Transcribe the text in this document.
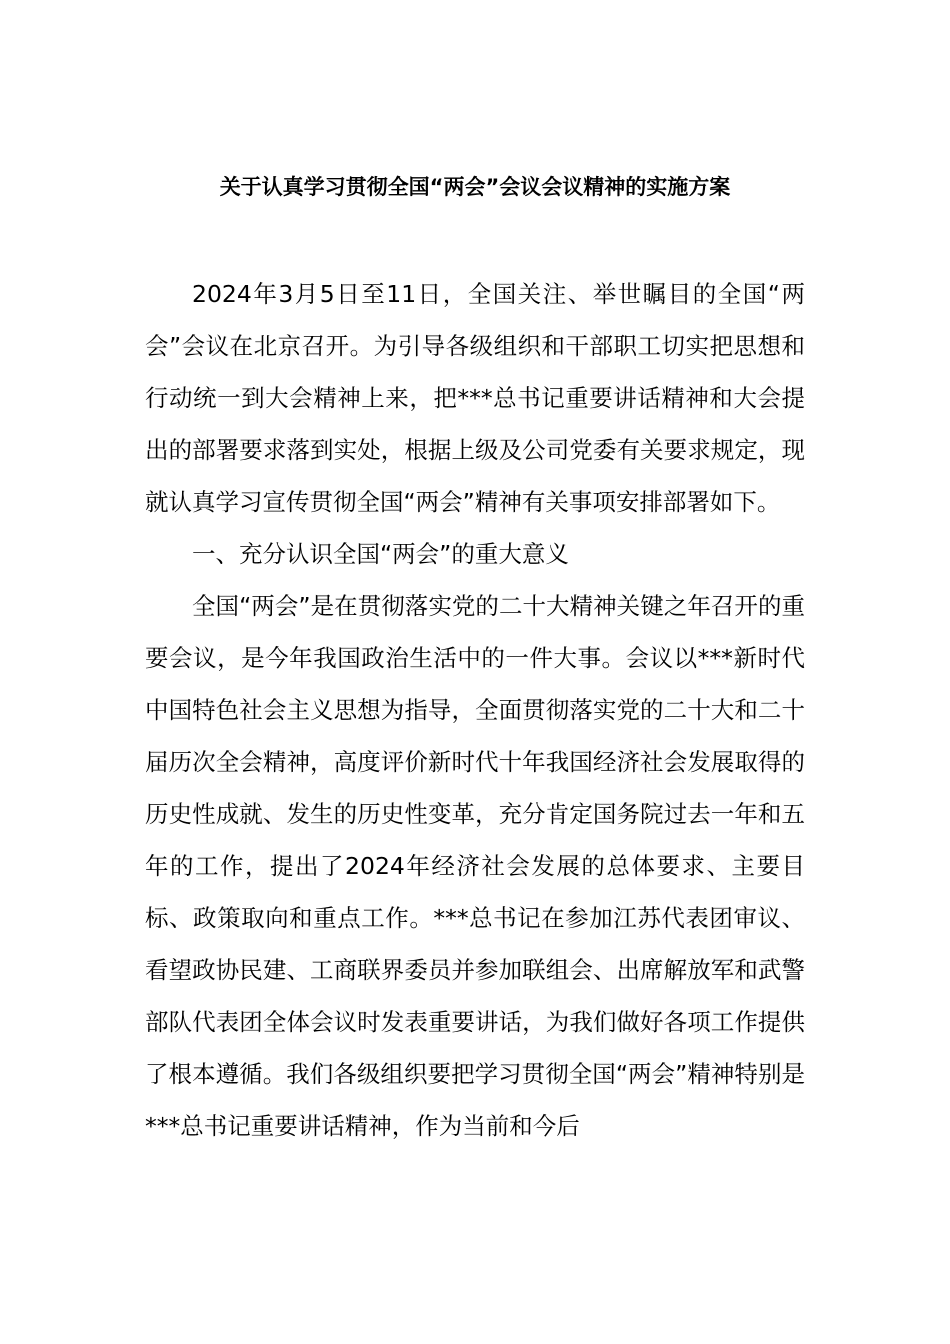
关于认真学习贯彻全国“两会”会议会议精神的实施方案

2024年3月5日至11日，全国关注、举世瞩目的全国“两会”会议在北京召开。为引导各级组织和干部职工切实把思想和行动统一到大会精神上来，把***总书记重要讲话精神和大会提出的部署要求落到实处，根据上级及公司党委有关要求规定，现就认真学习宣传贯彻全国“两会”精神有关事项安排部署如下。

一、充分认识全国“两会”的重大意义

全国“两会”是在贯彻落实党的二十大精神关键之年召开的重要会议，是今年我国政治生活中的一件大事。会议以***新时代中国特色社会主义思想为指导，全面贯彻落实党的二十大和二十届历次全会精神，高度评价新时代十年我国经济社会发展取得的历史性成就、发生的历史性变革，充分肯定国务院过去一年和五年的工作，提出了2024年经济社会发展的总体要求、主要目标、政策取向和重点工作。***总书记在参加江苏代表团审议、看望政协民建、工商联界委员并参加联组会、出席解放军和武警部队代表团全体会议时发表重要讲话，为我们做好各项工作提供了根本遵循。我们各级组织要把学习贯彻全国“两会”精神特别是***总书记重要讲话精神，作为当前和今后
